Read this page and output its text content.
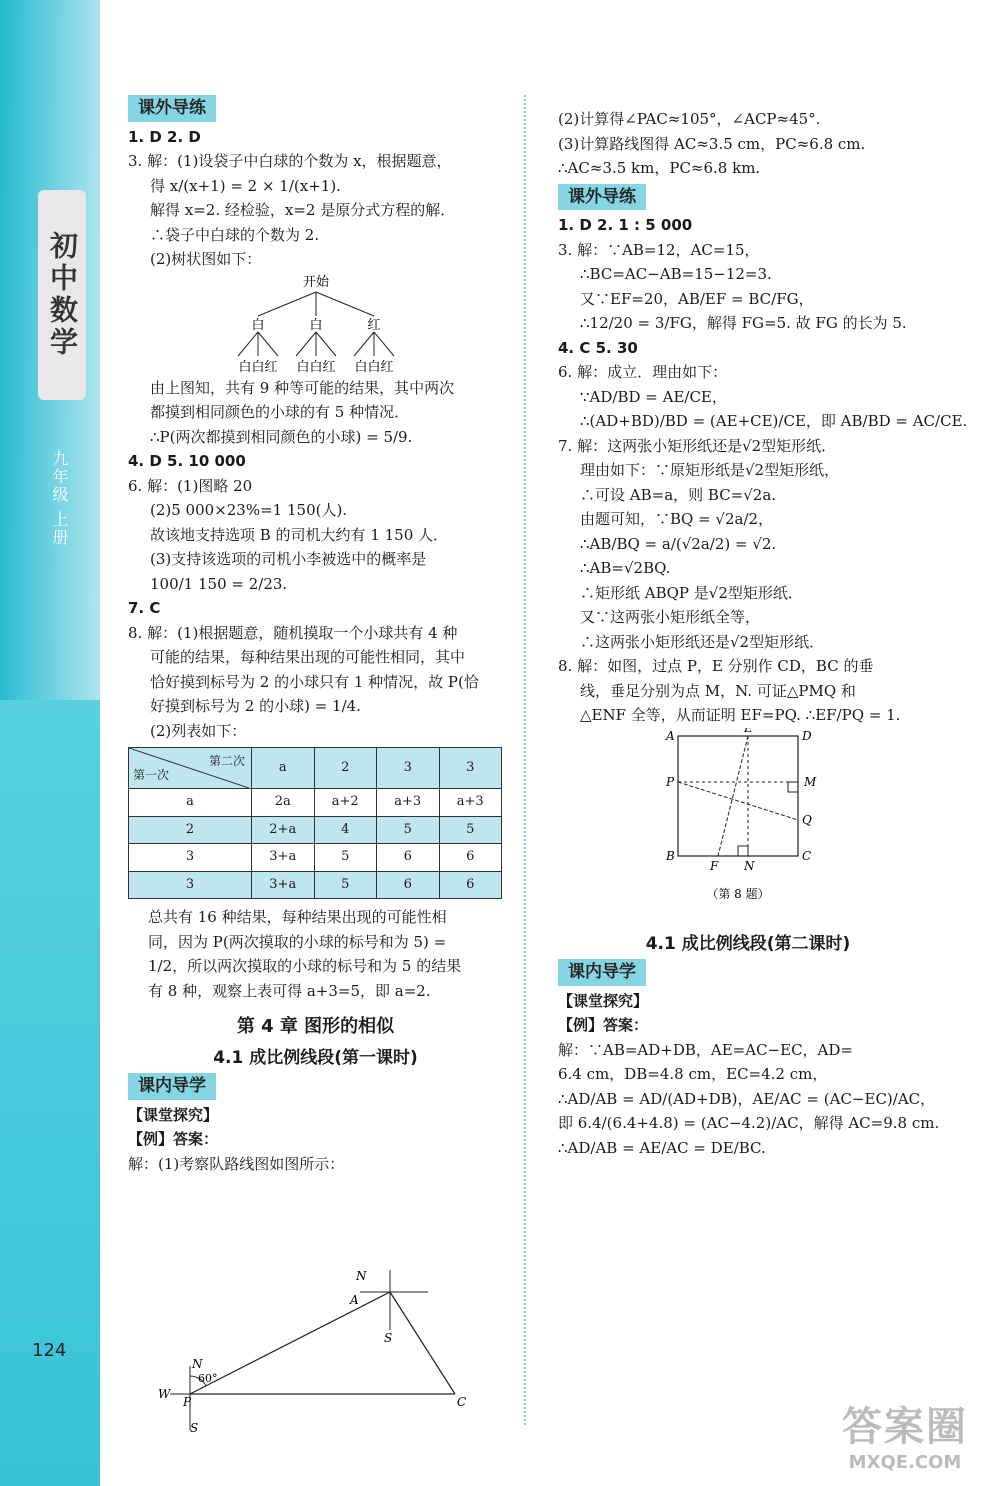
初中数学
九年级 上册
124
课外导练
1. D 2. D
3. 解：(1)设袋子中白球的个数为 x，根据题意，
得 x/(x+1) = 2 × 1/(x+1).
解得 x=2. 经检验，x=2 是原分式方程的解．
∴袋子中白球的个数为 2.
(2)树状图如下：
开始
白	白	红
白白红 白白红 白白红
由上图知，共有 9 种等可能的结果，其中两次
都摸到相同颜色的小球的有 5 种情况．
∴P(两次都摸到相同颜色的小球) = 5/9.
4. D 5. 10 000
6. 解：(1)图略 20
(2)5 000×23%=1 150(人).
故该地支持选项 B 的司机大约有 1 150 人．
(3)支持该选项的司机小李被选中的概率是
100/1 150 = 2/23.
7. C
8. 解：(1)根据题意，随机摸取一个小球共有 4 种
可能的结果，每种结果出现的可能性相同，其中
恰好摸到标号为 2 的小球只有 1 种情况，故 P(恰
好摸到标号为 2 的小球) = 1/4.
(2)列表如下：
第二次
第一次	a	2	3	3
a	2a	a+2	a+3	a+3
2	2+a	4	5	5
3	3+a	5	6	6
3	3+a	5	6	6
总共有 16 种结果，每种结果出现的可能性相
同，因为 P(两次摸取的小球的标号和为 5) =
1/2，所以两次摸取的小球的标号和为 5 的结果
有 8 种，观察上表可得 a+3=5，即 a=2.
第 4 章 图形的相似
4.1 成比例线段(第一课时)
课内导学
【课堂探究】
【例】答案：
解：(1)考察队路线图如图所示：
N
A
S
N
60°
W
P
S
C
(2)计算得∠PAC≈105°，∠ACP≈45°.
(3)计算路线图得 AC≈3.5 cm，PC≈6.8 cm.
∴AC≈3.5 km，PC≈6.8 km.
课外导练
1. D 2. 1 : 5 000
3. 解：∵AB=12，AC=15，
∴BC=AC−AB=15−12=3.
又∵EF=20，AB/EF = BC/FG，
∴12/20 = 3/FG，解得 FG=5. 故 FG 的长为 5.
4. C 5. 30
6. 解：成立．理由如下：
∵AD/BD = AE/CE，
∴(AD+BD)/BD = (AE+CE)/CE，即 AB/BD = AC/CE.
7. 解：这两张小矩形纸还是√2型矩形纸．
理由如下：∵原矩形纸是√2型矩形纸，
∴可设 AB=a，则 BC=√2a.
由题可知，∵BQ = √2a/2，
∴AB/BQ = a/(√2a/2) = √2.
∴AB=√2BQ.
∴矩形纸 ABQP 是√2型矩形纸．
又∵这两张小矩形纸全等，
∴这两张小矩形纸还是√2型矩形纸．
8. 解：如图，过点 P，E 分别作 CD，BC 的垂
线，垂足分别为点 M，N. 可证△PMQ 和
△ENF 全等，从而证明 EF=PQ. ∴EF/PQ = 1.
A
E
D
P	M
Q
B
F N
C
（第 8 题）
4.1 成比例线段(第二课时)
课内导学
【课堂探究】
【例】答案：
解：∵AB=AD+DB，AE=AC−EC，AD=
6.4 cm，DB=4.8 cm，EC=4.2 cm，
∴AD/AB = AD/(AD+DB)，AE/AC = (AC−EC)/AC，
即 6.4/(6.4+4.8) = (AC−4.2)/AC，解得 AC=9.8 cm.
∴AD/AB = AE/AC = DE/BC.
答案圈
MXQE.COM
